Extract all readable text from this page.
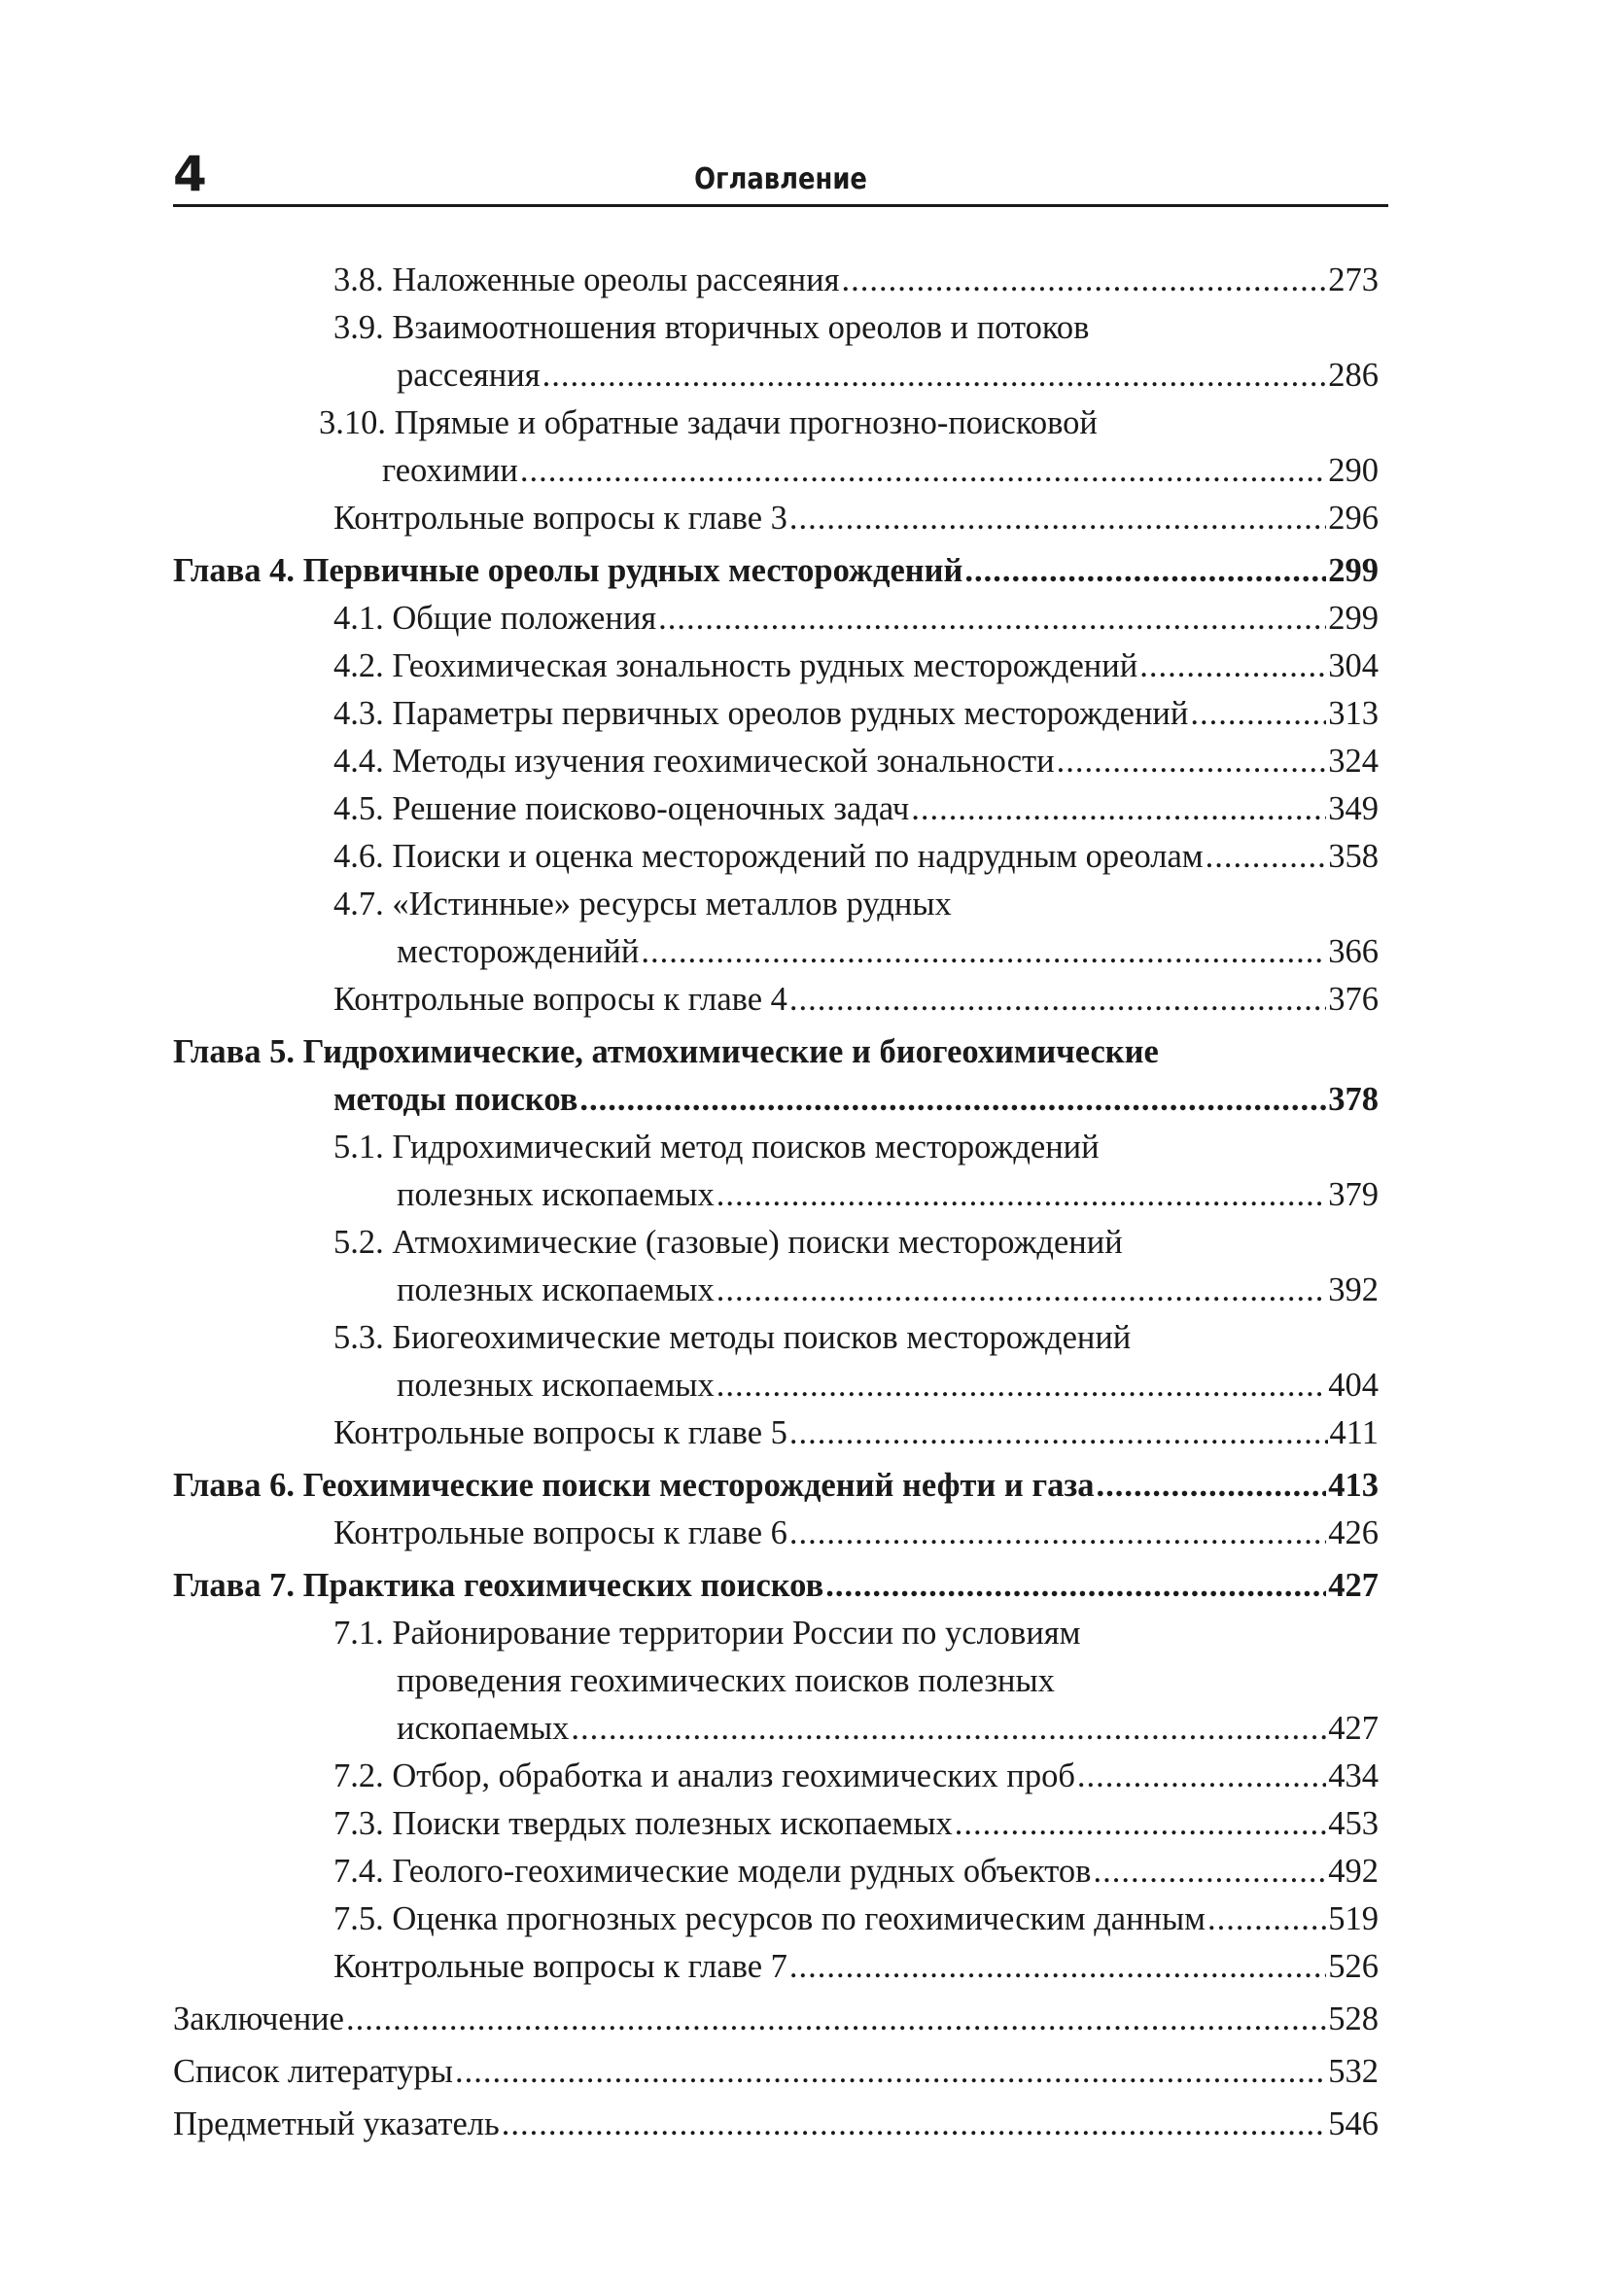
4	Оглавление
3.8. Наложенные ореолы рассеяния .....	273
3.9. Взаимоотношения вторичных ореолов и потоков
рассеяния .....	286
3.10. Прямые и обратные задачи прогнозно-поисковой
геохимии .....	290
Контрольные вопросы к главе 3 .....	296
Глава 4. Первичные ореолы рудных месторождений .....	299
4.1. Общие положения .....	299
4.2. Геохимическая зональность рудных месторождений .....	304
4.3. Параметры первичных ореолов рудных месторождений .....	313
4.4. Методы изучения геохимической зональности .....	324
4.5. Решение поисково-оценочных задач .....	349
4.6. Поиски и оценка месторождений по надрудным ореолам .....	358
4.7. «Истинные» ресурсы металлов рудных
месторожденийй .....	366
Контрольные вопросы к главе 4 .....	376
Глава 5. Гидрохимические, атмохимические и биогеохимические
методы поисков .....	378
5.1. Гидрохимический метод поисков месторождений
полезных ископаемых .....	379
5.2. Атмохимические (газовые) поиски месторождений
полезных ископаемых .....	392
5.3. Биогеохимические методы поисков месторождений
полезных ископаемых .....	404
Контрольные вопросы к главе 5 .....	411
Глава 6. Геохимические поиски месторождений нефти и газа .....	413
Контрольные вопросы к главе 6 .....	426
Глава 7. Практика геохимических поисков .....	427
7.1. Районирование территории России по условиям
проведения геохимических поисков полезных
ископаемых .....	427
7.2. Отбор, обработка и анализ геохимических проб .....	434
7.3. Поиски твердых полезных ископаемых .....	453
7.4. Геолого-геохимические модели рудных объектов .....	492
7.5. Оценка прогнозных ресурсов по геохимическим данным .....	519
Контрольные вопросы к главе 7 .....	526
Заключение .....	528
Список литературы .....	532
Предметный указатель .....	546
